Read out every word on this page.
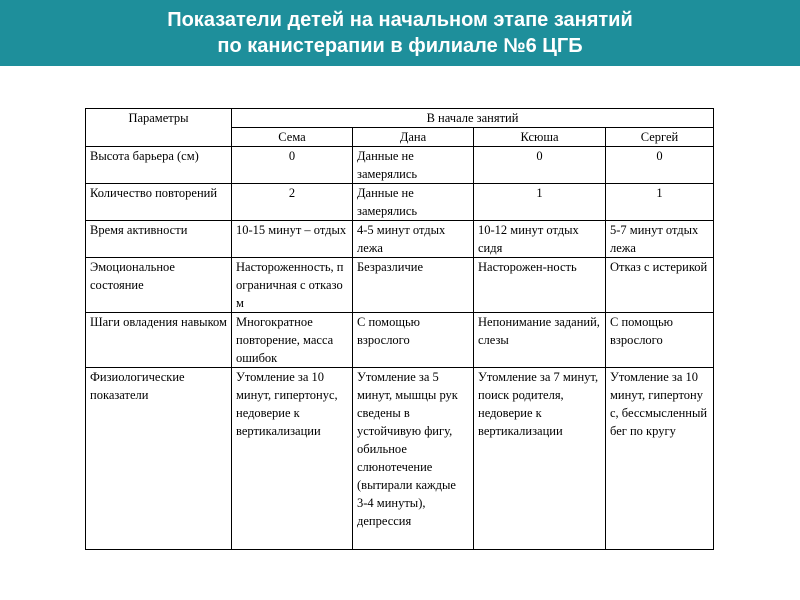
Показатели детей на начальном этапе занятий
по канистерапии в филиале №6 ЦГБ
Параметры	В начале занятий			
	Сема	Дана	Ксюша	Сергей
Высота барьера (см)	0	Данные не замерялись	0	0
Количество повторений	2	Данные не замерялись	1	1
Время активности	10-15 минут – отдых	4-5 минут отдых лежа	10-12 минут отдых сидя	5-7 минут отдых лежа
Эмоциональное состояние	Настороженность, пограничная с отказом	Безразличие	Насторожен-ность	Отказ с истерикой
Шаги овладения навыком	Многократное повторение, масса ошибок	С помощью взрослого	Непонимание заданий, слезы	С помощью взрослого
Физиологические показатели	Утомление за 10 минут, гипертонус, недоверие к вертикализации	Утомление за 5 минут, мышцы рук сведены в устойчивую фигу, обильное слюнотечение (вытирали каждые 3-4 минуты), депрессия	Утомление за 7 минут, поиск родителя, недоверие к вертикализации	Утомление за 10 минут, гипертонус, бессмысленный бег по кругу
